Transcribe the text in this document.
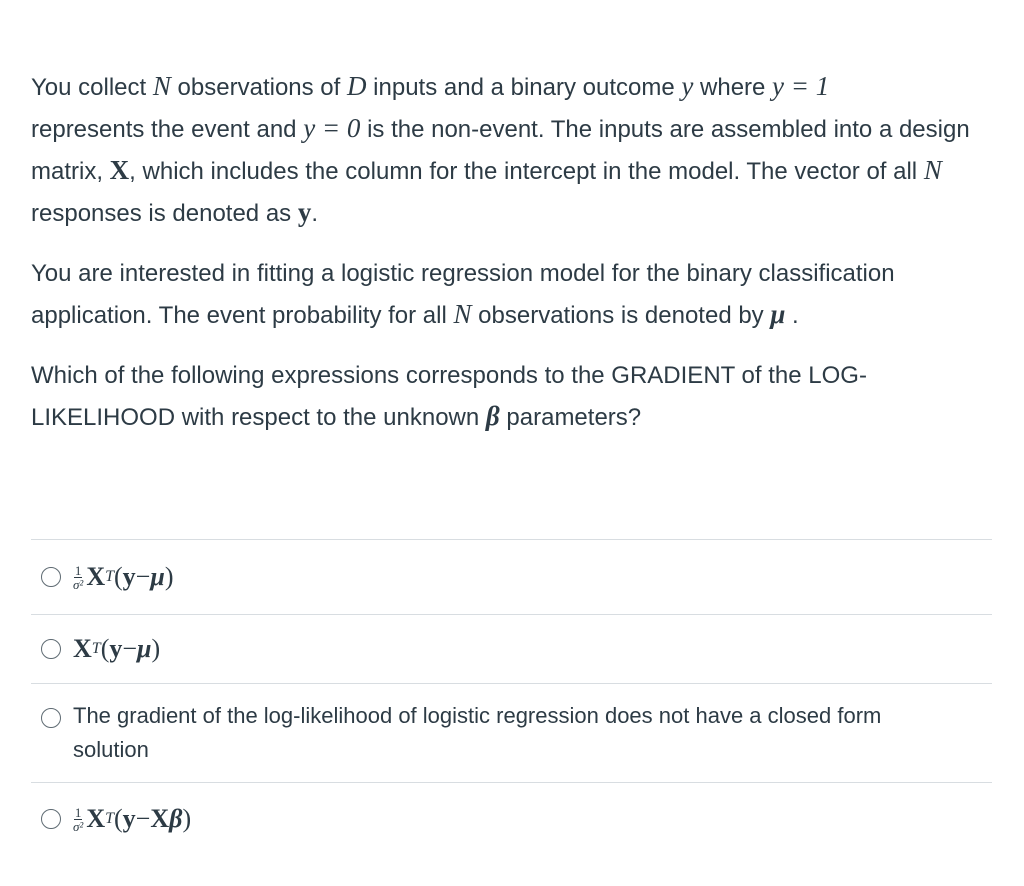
You collect N observations of D inputs and a binary outcome y where y = 1
represents the event and y = 0 is the non-event. The inputs are assembled into a design matrix, X, which includes the column for the intercept in the model. The vector of all N responses is denoted as y.

You are interested in fitting a logistic regression model for the binary classification application. The event probability for all N observations is denoted by μ .

Which of the following expressions corresponds to the GRADIENT of the LOG-LIKELIHOOD with respect to the unknown β parameters?

$\frac{1}{\text{σ²}}$ X T ( y − μ )
X T ( y − μ )
The gradient of the log-likelihood of logistic regression does not have a closed form solution
$\frac{1}{\text{σ²}}$ X T ( y − X β )
